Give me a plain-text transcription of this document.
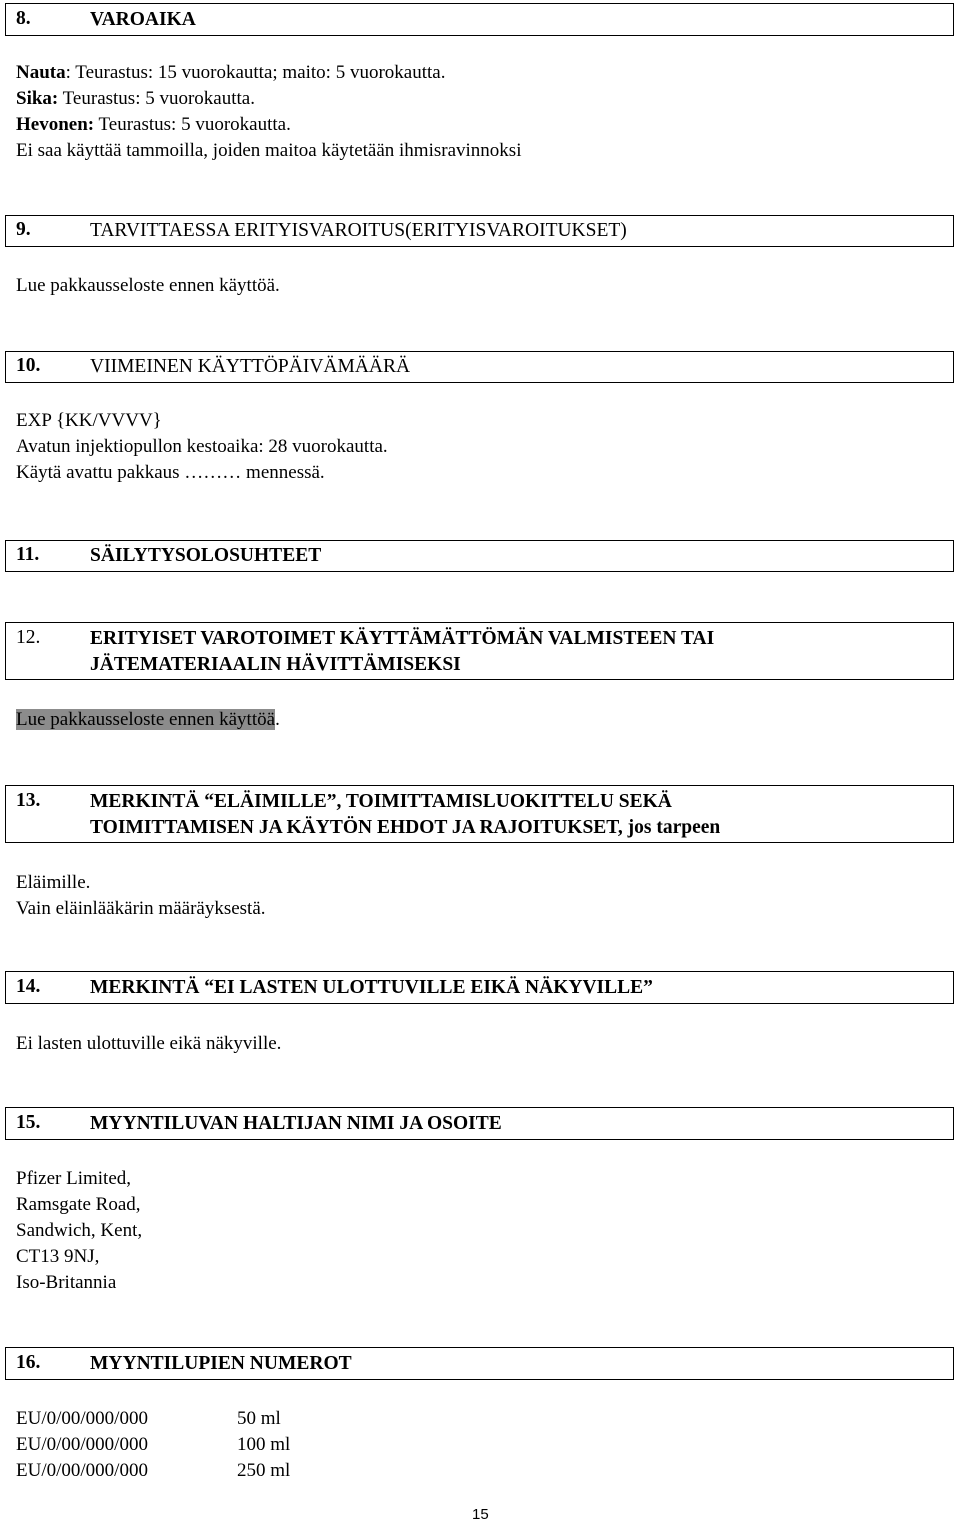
8.	VAROAIKA
Nauta: Teurastus: 15 vuorokautta; maito: 5 vuorokautta.
Sika: Teurastus: 5 vuorokautta.
Hevonen: Teurastus: 5 vuorokautta.
Ei saa käyttää tammoilla, joiden maitoa käytetään ihmisravinnoksi
9.	TARVITTAESSA ERITYISVAROITUS(ERITYISVAROITUKSET)
Lue pakkausseloste ennen käyttöä.
10.	VIIMEINEN KÄYTTÖPÄIVÄMÄÄRÄ
EXP {KK/VVVV}
Avatun injektiopullon kestoaika: 28 vuorokautta.
Käytä avattu pakkaus ……… mennessä.
11.	SÄILYTYSOLOSUHTEET
12.	ERITYISET VAROTOIMET KÄYTTÄMÄTTÖMÄN VALMISTEEN TAI
JÄTEMATERIAALIN HÄVITTÄMISEKSI
Lue pakkausseloste ennen käyttöä.
13.	MERKINTÄ “ELÄIMILLE”, TOIMITTAMISLUOKITTELU SEKÄ
TOIMITTAMISEN JA KÄYTÖN EHDOT JA RAJOITUKSET, jos tarpeen
Eläimille.
Vain eläinlääkärin määräyksestä.
14.	MERKINTÄ “EI LASTEN ULOTTUVILLE EIKÄ NÄKYVILLE”
Ei lasten ulottuville eikä näkyville.
15.	MYYNTILUVAN HALTIJAN NIMI JA OSOITE
Pfizer Limited,
Ramsgate Road,
Sandwich, Kent,
CT13 9NJ,
Iso-Britannia
16.	MYYNTILUPIEN NUMEROT
EU/0/00/000/000	50 ml
EU/0/00/000/000	100 ml
EU/0/00/000/000	250 ml
15
